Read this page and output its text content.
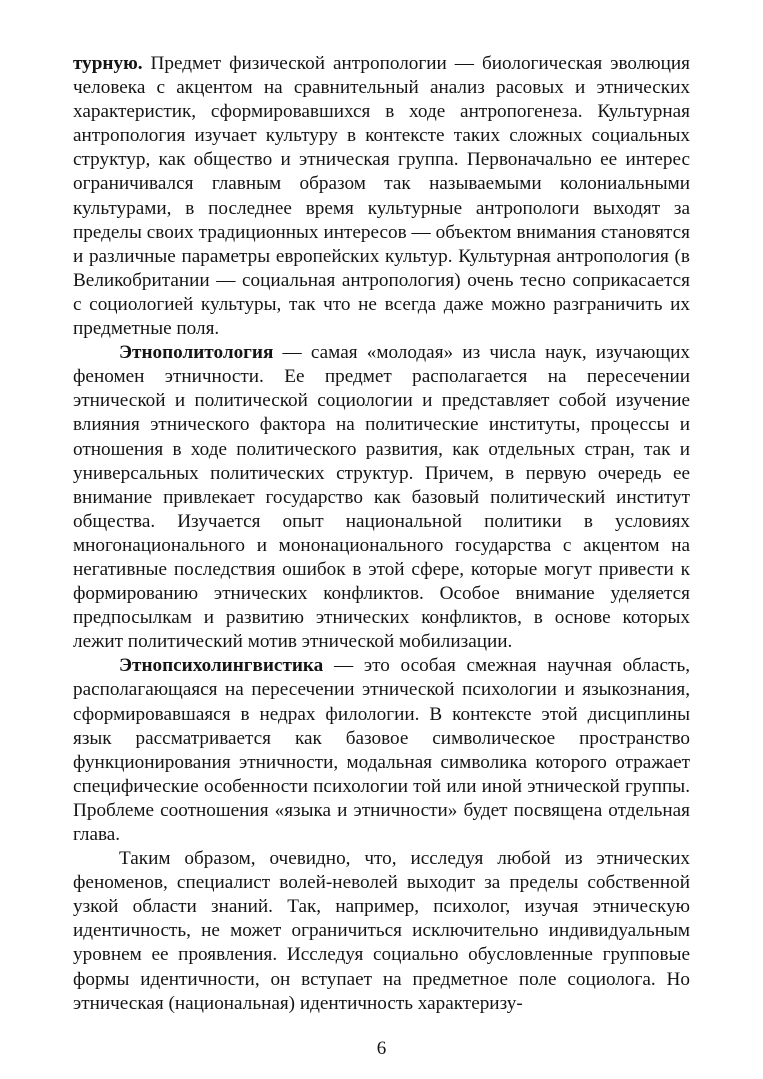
турную. Предмет физической антропологии — биологическая эволюция человека с акцентом на сравнительный анализ расовых и этнических характеристик, сформировавшихся в ходе антропогенеза. Культурная антропология изучает культуру в контексте таких сложных социальных структур, как общество и этническая группа. Первоначально ее интерес ограничивался главным образом так называемыми колониальными культурами, в последнее время культурные антропологи выходят за пределы своих традиционных интересов — объектом внимания становятся и различные параметры европейских культур. Культурная антропология (в Великобритании — социальная антропология) очень тесно соприкасается с социологией культуры, так что не всегда даже можно разграничить их предметные поля.

Этнополитология — самая «молодая» из числа наук, изучающих феномен этничности. Ее предмет располагается на пересечении этнической и политической социологии и представляет собой изучение влияния этнического фактора на политические институты, процессы и отношения в ходе политического развития, как отдельных стран, так и универсальных политических структур. Причем, в первую очередь ее внимание привлекает государство как базовый политический институт общества. Изучается опыт национальной политики в условиях многонационального и мононационального государства с акцентом на негативные последствия ошибок в этой сфере, которые могут привести к формированию этнических конфликтов. Особое внимание уделяется предпосылкам и развитию этнических конфликтов, в основе которых лежит политический мотив этнической мобилизации.

Этнопсихолингвистика — это особая смежная научная область, располагающаяся на пересечении этнической психологии и языкознания, сформировавшаяся в недрах филологии. В контексте этой дисциплины язык рассматривается как базовое символическое пространство функционирования этничности, модальная символика которого отражает специфические особенности психологии той или иной этнической группы. Проблеме соотношения «языка и этничности» будет посвящена отдельная глава.

Таким образом, очевидно, что, исследуя любой из этнических феноменов, специалист волей-неволей выходит за пределы собственной узкой области знаний. Так, например, психолог, изучая этническую идентичность, не может ограничиться исключительно индивидуальным уровнем ее проявления. Исследуя социально обусловленные групповые формы идентичности, он вступает на предметное поле социолога. Но этническая (национальная) идентичность характеризу-

6
